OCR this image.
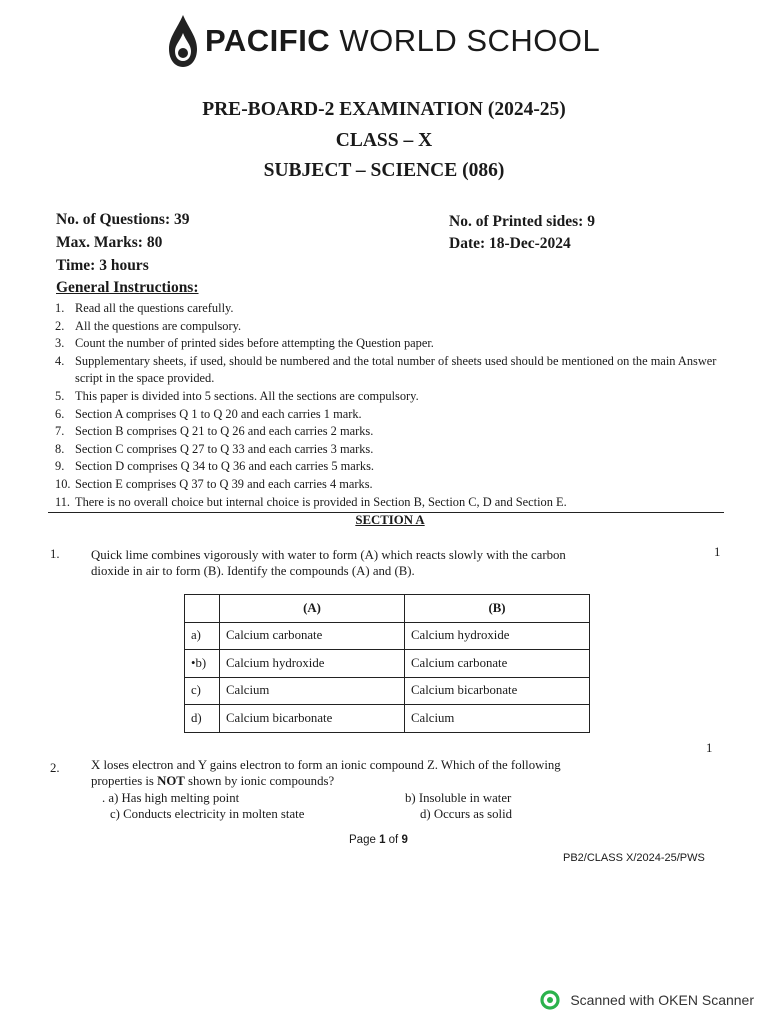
PACIFIC WORLD SCHOOL
PRE-BOARD-2 EXAMINATION (2024-25)
CLASS – X
SUBJECT – SCIENCE (086)
No. of Questions: 39
Max. Marks: 80
Time: 3 hours
No. of Printed sides: 9
Date: 18-Dec-2024
General Instructions:
1. Read all the questions carefully.
2. All the questions are compulsory.
3. Count the number of printed sides before attempting the Question paper.
4. Supplementary sheets, if used, should be numbered and the total number of sheets used should be mentioned on the main Answer script in the space provided.
5. This paper is divided into 5 sections. All the sections are compulsory.
6. Section A comprises Q 1 to Q 20 and each carries 1 mark.
7. Section B comprises Q 21 to Q 26 and each carries 2 marks.
8. Section C comprises Q 27 to Q 33 and each carries 3 marks.
9. Section D comprises Q 34 to Q 36 and each carries 5 marks.
10. Section E comprises Q 37 to Q 39 and each carries 4 marks.
11. There is no overall choice but internal choice is provided in Section B, Section C, D and Section E.
SECTION A
1. Quick lime combines vigorously with water to form (A) which reacts slowly with the carbon
dioxide in air to form (B). Identify the compounds (A) and (B).
1
	(A)	(B)
a)	Calcium carbonate	Calcium hydroxide
•b)	Calcium hydroxide	Calcium carbonate
c)	Calcium	Calcium bicarbonate
d)	Calcium bicarbonate	Calcium
1
2. X loses electron and Y gains electron to form an ionic compound Z. Which of the following
properties is NOT shown by ionic compounds?
. a) Has high melting point	b) Insoluble in water
c) Conducts electricity in molten state	d) Occurs as solid
Page 1 of 9
PB2/CLASS X/2024-25/PWS
Scanned with OKEN Scanner
